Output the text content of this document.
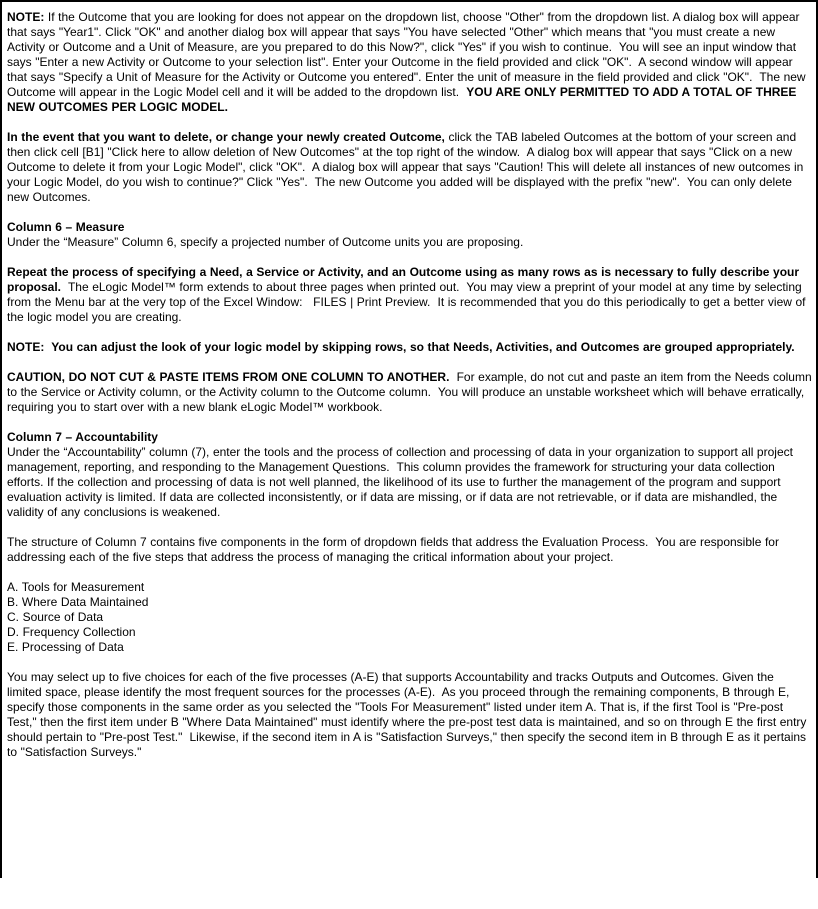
NOTE: If the Outcome that you are looking for does not appear on the dropdown list, choose "Other" from the dropdown list. A dialog box will appear that says "Year1". Click "OK" and another dialog box will appear that says "You have selected "Other" which means that "you must create a new Activity or Outcome and a Unit of Measure, are you prepared to do this Now?", click "Yes" if you wish to continue.  You will see an input window that says "Enter a new Activity or Outcome to your selection list". Enter your Outcome in the field provided and click "OK".  A second window will appear that says "Specify a Unit of Measure for the Activity or Outcome you entered". Enter the unit of measure in the field provided and click "OK".  The new Outcome will appear in the Logic Model cell and it will be added to the dropdown list.  YOU ARE ONLY PERMITTED TO ADD A TOTAL OF THREE NEW OUTCOMES PER LOGIC MODEL.

In the event that you want to delete, or change your newly created Outcome, click the TAB labeled Outcomes at the bottom of your screen and then click cell [B1] "Click here to allow deletion of New Outcomes" at the top right of the window.  A dialog box will appear that says "Click on a new Outcome to delete it from your Logic Model", click "OK".  A dialog box will appear that says "Caution! This will delete all instances of new outcomes in your Logic Model, do you wish to continue?" Click "Yes".  The new Outcome you added will be displayed with the prefix "new".  You can only delete new Outcomes.

Column 6 – Measure

Under the “Measure” Column 6, specify a projected number of Outcome units you are proposing.

Repeat the process of specifying a Need, a Service or Activity, and an Outcome using as many rows as is necessary to fully describe your proposal.  The eLogic Model™ form extends to about three pages when printed out.  You may view a preprint of your model at any time by selecting from the Menu bar at the very top of the Excel Window:   FILES | Print Preview.  It is recommended that you do this periodically to get a better view of the logic model you are creating.

NOTE:  You can adjust the look of your logic model by skipping rows, so that Needs, Activities, and Outcomes are grouped appropriately.

CAUTION, DO NOT CUT & PASTE ITEMS FROM ONE COLUMN TO ANOTHER.  For example, do not cut and paste an item from the Needs column to the Service or Activity column, or the Activity column to the Outcome column.  You will produce an unstable worksheet which will behave erratically, requiring you to start over with a new blank eLogic Model™ workbook.

Column 7 – Accountability

Under the “Accountability” column (7), enter the tools and the process of collection and processing of data in your organization to support all project management, reporting, and responding to the Management Questions.  This column provides the framework for structuring your data collection efforts. If the collection and processing of data is not well planned, the likelihood of its use to further the management of the program and support evaluation activity is limited. If data are collected inconsistently, or if data are missing, or if data are not retrievable, or if data are mishandled, the validity of any conclusions is weakened.

The structure of Column 7 contains five components in the form of dropdown fields that address the Evaluation Process.  You are responsible for addressing each of the five steps that address the process of managing the critical information about your project.

A. Tools for Measurement

B. Where Data Maintained

C. Source of Data

D. Frequency Collection

E. Processing of Data

You may select up to five choices for each of the five processes (A-E) that supports Accountability and tracks Outputs and Outcomes. Given the limited space, please identify the most frequent sources for the processes (A-E).  As you proceed through the remaining components, B through E, specify those components in the same order as you selected the "Tools For Measurement" listed under item A. That is, if the first Tool is "Pre-post Test," then the first item under B "Where Data Maintained" must identify where the pre-post test data is maintained, and so on through E the first entry should pertain to "Pre-post Test."  Likewise, if the second item in A is "Satisfaction Surveys," then specify the second item in B through E as it pertains to "Satisfaction Surveys."
